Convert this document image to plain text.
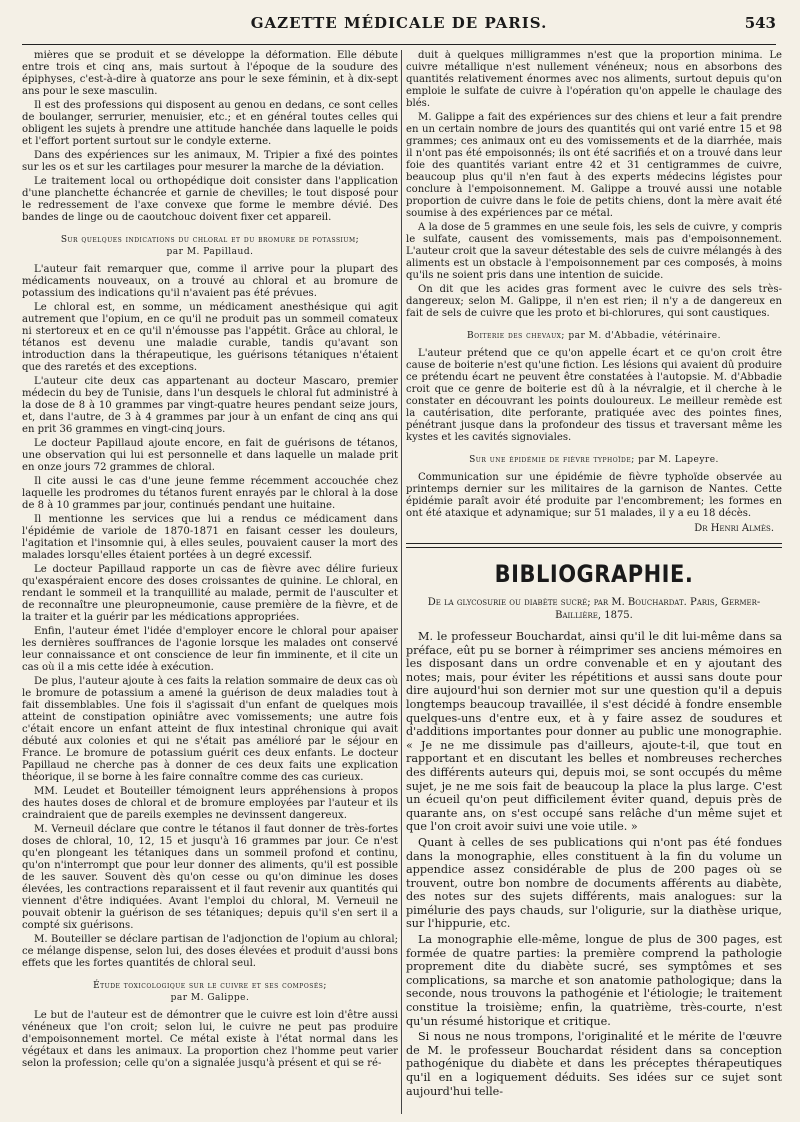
GAZETTE MÉDICALE DE PARIS.	543

mières que se produit et se développe la déformation. Elle débute entre trois et cinq ans, mais surtout à l'époque de la soudure des épiphyses, c'est-à-dire à quatorze ans pour le sexe féminin, et à dix-sept ans pour le sexe masculin.

Il est des professions qui disposent au genou en dedans, ce sont celles de boulanger, serrurier, menuisier, etc.; et en général toutes celles qui obligent les sujets à prendre une attitude hanchée dans laquelle le poids et l'effort portent surtout sur le condyle externe.

Dans des expériences sur les animaux, M. Tripier a fixé des pointes sur les os et sur les cartilages pour mesurer la marche de la déviation.

Le traitement local ou orthopédique doit consister dans l'application d'une planchette échancrée et garnie de chevilles; le tout disposé pour le redressement de l'axe convexe que forme le membre dévié. Des bandes de linge ou de caoutchouc doivent fixer cet appareil.

Sur quelques indications du chloral et du bromure de potassium;
par M. Papillaud.

L'auteur fait remarquer que, comme il arrive pour la plupart des médicaments nouveaux, on a trouvé au chloral et au bromure de potassium des indications qu'il n'avaient pas été prévues.

Le chloral est, en somme, un médicament anesthésique qui agit autrement que l'opium, en ce qu'il ne produit pas un sommeil comateux ni stertoreux et en ce qu'il n'émousse pas l'appétit. Grâce au chloral, le tétanos est devenu une maladie curable, tandis qu'avant son introduction dans la thérapeutique, les guérisons tétaniques n'étaient que des raretés et des exceptions.

L'auteur cite deux cas appartenant au docteur Mascaro, premier médecin du bey de Tunisie, dans l'un desquels le chloral fut administré à la dose de 8 à 10 grammes par vingt-quatre heures pendant seize jours, et, dans l'autre, de 3 à 4 grammes par jour à un enfant de cinq ans qui en prit 36 grammes en vingt-cinq jours.

Le docteur Papillaud ajoute encore, en fait de guérisons de tétanos, une observation qui lui est personnelle et dans laquelle un malade prit en onze jours 72 grammes de chloral.

Il cite aussi le cas d'une jeune femme récemment accouchée chez laquelle les prodromes du tétanos furent enrayés par le chloral à la dose de 8 à 10 grammes par jour, continués pendant une huitaine.

Il mentionne les services que lui a rendus ce médicament dans l'épidémie de variole de 1870-1871 en faisant cesser les douleurs, l'agitation et l'insomnie qui, à elles seules, pouvaient causer la mort des malades lorsqu'elles étaient portées à un degré excessif.

Le docteur Papillaud rapporte un cas de fièvre avec délire furieux qu'exaspéraient encore des doses croissantes de quinine. Le chloral, en rendant le sommeil et la tranquillité au malade, permit de l'ausculter et de reconnaître une pleuropneumonie, cause première de la fièvre, et de la traiter et la guérir par les médications appropriées.

Enfin, l'auteur émet l'idée d'employer encore le chloral pour apaiser les dernières souffrances de l'agonie lorsque les malades ont conservé leur connaissance et ont conscience de leur fin imminente, et il cite un cas où il a mis cette idée à exécution.

De plus, l'auteur ajoute à ces faits la relation sommaire de deux cas où le bromure de potassium a amené la guérison de deux maladies tout à fait dissemblables. Une fois il s'agissait d'un enfant de quelques mois atteint de constipation opiniâtre avec vomissements; une autre fois c'était encore un enfant atteint de flux intestinal chronique qui avait débuté aux colonies et qui ne s'était pas amélioré par le séjour en France. Le bromure de potassium guérit ces deux enfants. Le docteur Papillaud ne cherche pas à donner de ces deux faits une explication théorique, il se borne à les faire connaître comme des cas curieux.

MM. Leudet et Bouteiller témoignent leurs appréhensions à propos des hautes doses de chloral et de bromure employées par l'auteur et ils craindraient que de pareils exemples ne devinssent dangereux.

M. Verneuil déclare que contre le tétanos il faut donner de très-fortes doses de chloral, 10, 12, 15 et jusqu'à 16 grammes par jour. Ce n'est qu'en plongeant les tétaniques dans un sommeil profond et continu, qu'on n'interrompt que pour leur donner des aliments, qu'il est possible de les sauver. Souvent dès qu'on cesse ou qu'on diminue les doses élevées, les contractions reparaissent et il faut revenir aux quantités qui viennent d'être indiquées. Avant l'emploi du chloral, M. Verneuil ne pouvait obtenir la guérison de ses tétaniques; depuis qu'il s'en sert il a compté six guérisons.

M. Bouteiller se déclare partisan de l'adjonction de l'opium au chloral; ce mélange dispense, selon lui, des doses élevées et produit d'aussi bons effets que les fortes quantités de chloral seul.

Étude toxicologique sur le cuivre et ses composés;
par M. Galippe.

Le but de l'auteur est de démontrer que le cuivre est loin d'être aussi vénéneux que l'on croit; selon lui, le cuivre ne peut pas produire d'empoisonnement mortel. Ce métal existe à l'état normal dans les végétaux et dans les animaux. La proportion chez l'homme peut varier selon la profession; celle qu'on a signalée jusqu'à présent et qui se ré-

duit à quelques milligrammes n'est que la proportion minima. Le cuivre métallique n'est nullement vénéneux; nous en absorbons des quantités relativement énormes avec nos aliments, surtout depuis qu'on emploie le sulfate de cuivre à l'opération qu'on appelle le chaulage des blés.

M. Galippe a fait des expériences sur des chiens et leur a fait prendre en un certain nombre de jours des quantités qui ont varié entre 15 et 98 grammes; ces animaux ont eu des vomissements et de la diarrhée, mais il n'ont pas été empoisonnés; ils ont été sacrifiés et on a trouvé dans leur foie des quantités variant entre 42 et 31 centigrammes de cuivre, beaucoup plus qu'il n'en faut à des experts médecins légistes pour conclure à l'empoisonnement. M. Galippe a trouvé aussi une notable proportion de cuivre dans le foie de petits chiens, dont la mère avait été soumise à des expériences par ce métal.

A la dose de 5 grammes en une seule fois, les sels de cuivre, y compris le sulfate, causent des vomissements, mais pas d'empoisonnement. L'auteur croit que la saveur détestable des sels de cuivre mélangés à des aliments est un obstacle à l'empoisonnement par ces composés, à moins qu'ils ne soient pris dans une intention de suicide.

On dit que les acides gras forment avec le cuivre des sels très-dangereux; selon M. Galippe, il n'en est rien; il n'y a de dangereux en fait de sels de cuivre que les proto et bi-chlorures, qui sont caustiques.

Boiterie des chevaux; par M. d'Abbadie, vétérinaire.

L'auteur prétend que ce qu'on appelle écart et ce qu'on croit être cause de boiterie n'est qu'une fiction. Les lésions qui avaient dû produire ce prétendu écart ne peuvent être constatées à l'autopsie. M. d'Abbadie croit que ce genre de boiterie est dû à la névralgie, et il cherche à le constater en découvrant les points douloureux. Le meilleur remède est la cautérisation, dite perforante, pratiquée avec des pointes fines, pénétrant jusque dans la profondeur des tissus et traversant même les kystes et les cavités signoviales.

Sur une épidémie de fièvre typhoïde; par M. Lapeyre.

Communication sur une épidémie de fièvre typhoïde observée au printemps dernier sur les militaires de la garnison de Nantes. Cette épidémie paraît avoir été produite par l'encombrement; les formes en ont été ataxique et adynamique; sur 51 malades, il y a eu 18 décès.

Dr Henri Almès.
BIBLIOGRAPHIE.
De la glycosurie ou diabète sucré; par M. Bouchardat. Paris, Germer-Baillière, 1875.

M. le professeur Bouchardat, ainsi qu'il le dit lui-même dans sa préface, eût pu se borner à réimprimer ses anciens mémoires en les disposant dans un ordre convenable et en y ajoutant des notes; mais, pour éviter les répétitions et aussi sans doute pour dire aujourd'hui son dernier mot sur une question qu'il a depuis longtemps beaucoup travaillée, il s'est décidé à fondre ensemble quelques-uns d'entre eux, et à y faire assez de soudures et d'additions importantes pour donner au public une monographie. « Je ne me dissimule pas d'ailleurs, ajoute-t-il, que tout en rapportant et en discutant les belles et nombreuses recherches des différents auteurs qui, depuis moi, se sont occupés du même sujet, je ne me sois fait de beaucoup la place la plus large. C'est un écueil qu'on peut difficilement éviter quand, depuis près de quarante ans, on s'est occupé sans relâche d'un même sujet et que l'on croit avoir suivi une voie utile. »

Quant à celles de ses publications qui n'ont pas été fondues dans la monographie, elles constituent à la fin du volume un appendice assez considérable de plus de 200 pages où se trouvent, outre bon nombre de documents afférents au diabète, des notes sur des sujets différents, mais analogues: sur la pimélurie des pays chauds, sur l'oligurie, sur la diathèse urique, sur l'hippurie, etc.

La monographie elle-même, longue de plus de 300 pages, est formée de quatre parties: la première comprend la pathologie proprement dite du diabète sucré, ses symptômes et ses complications, sa marche et son anatomie pathologique; dans la seconde, nous trouvons la pathogénie et l'étiologie; le traitement constitue la troisième; enfin, la quatrième, très-courte, n'est qu'un résumé historique et critique.

Si nous ne nous trompons, l'originalité et le mérite de l'œuvre de M. le professeur Bouchardat résident dans sa conception pathogénique du diabète et dans les préceptes thérapeutiques qu'il en a logiquement déduits. Ses idées sur ce sujet sont aujourd'hui telle-
